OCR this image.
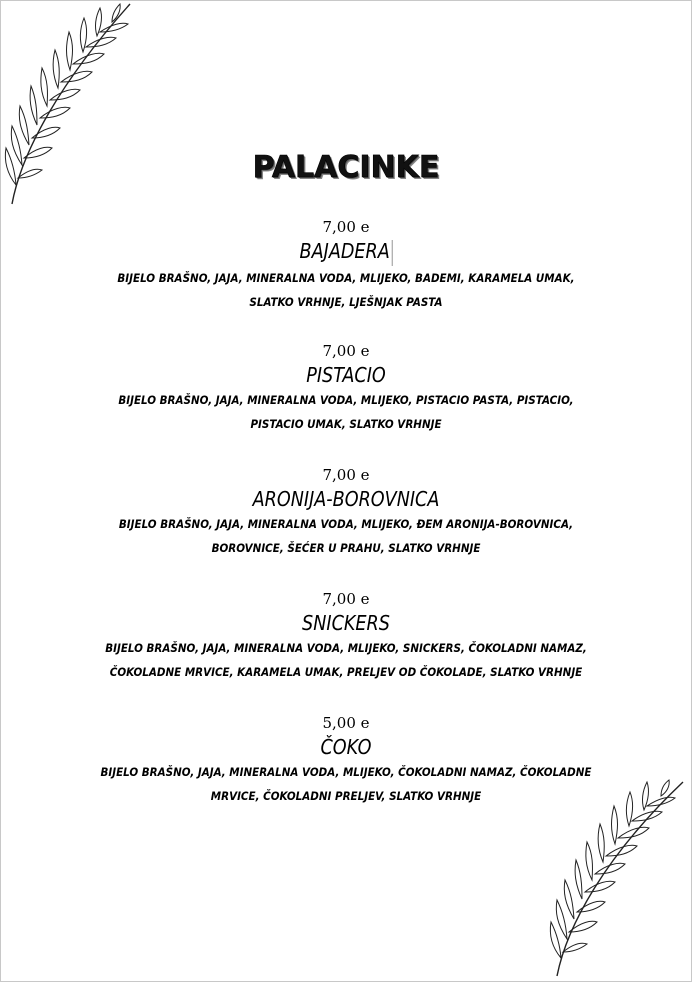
PALACINKE
7,00 e
BAJADERA
BIJELO BRAŠNO, JAJA, MINERALNA VODA, MLIJEKO, BADEMI, KARAMELA UMAK, SLATKO VRHNJE, LJEŠNJAK PASTA
7,00 e
PISTACIO
BIJELO BRAŠNO, JAJA, MINERALNA VODA, MLIJEKO, PISTACIO PASTA, PISTACIO, PISTACIO UMAK, SLATKO VRHNJE
7,00 e
ARONIJA-BOROVNICA
BIJELO BRAŠNO, JAJA, MINERALNA VODA, MLIJEKO, ĐEM ARONIJA-BOROVNICA, BOROVNICE, ŠEĆER U PRAHU, SLATKO VRHNJE
7,00 e
SNICKERS
BIJELO BRAŠNO, JAJA, MINERALNA VODA, MLIJEKO, SNICKERS, ČOKOLADNI NAMAZ, ČOKOLADNE MRVICE, KARAMELA UMAK, PRELJEV OD ČOKOLADE, SLATKO VRHNJE
5,00 e
ČOKO
BIJELO BRAŠNO, JAJA, MINERALNA VODA, MLIJEKO, ČOKOLADNI NAMAZ, ČOKOLADNE MRVICE, ČOKOLADNI PRELJEV, SLATKO VRHNJE
